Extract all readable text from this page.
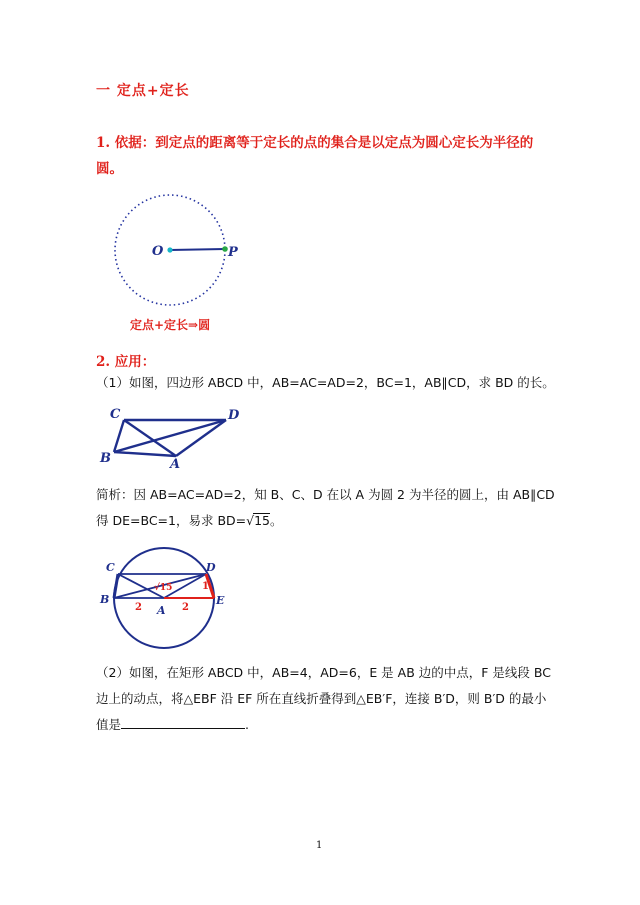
一 定点+定长
1. 依据：到定点的距离等于定长的点的集合是以定点为圆心定长为半径的圆。
O	P
定点+定长⇒圆
2. 应用：
（1）如图，四边形 ABCD 中，AB=AC=AD=2，BC=1，AB∥CD，求 BD 的长。
C	D
B	A
简析：因 AB=AC=AD=2，知 B、C、D 在以 A 为圆 2 为半径的圆上，由 AB∥CD 得 DE=BC=1，易求 BD=√15。
C	D
B
A
E
2	2
1
√15
（2）如图，在矩形 ABCD 中，AB=4，AD=6，E 是 AB 边的中点，F 是线段 BC 边上的动点，将△EBF 沿 EF 所在直线折叠得到△EB′F，连接 B′D，则 B′D 的最小值是	.
1
